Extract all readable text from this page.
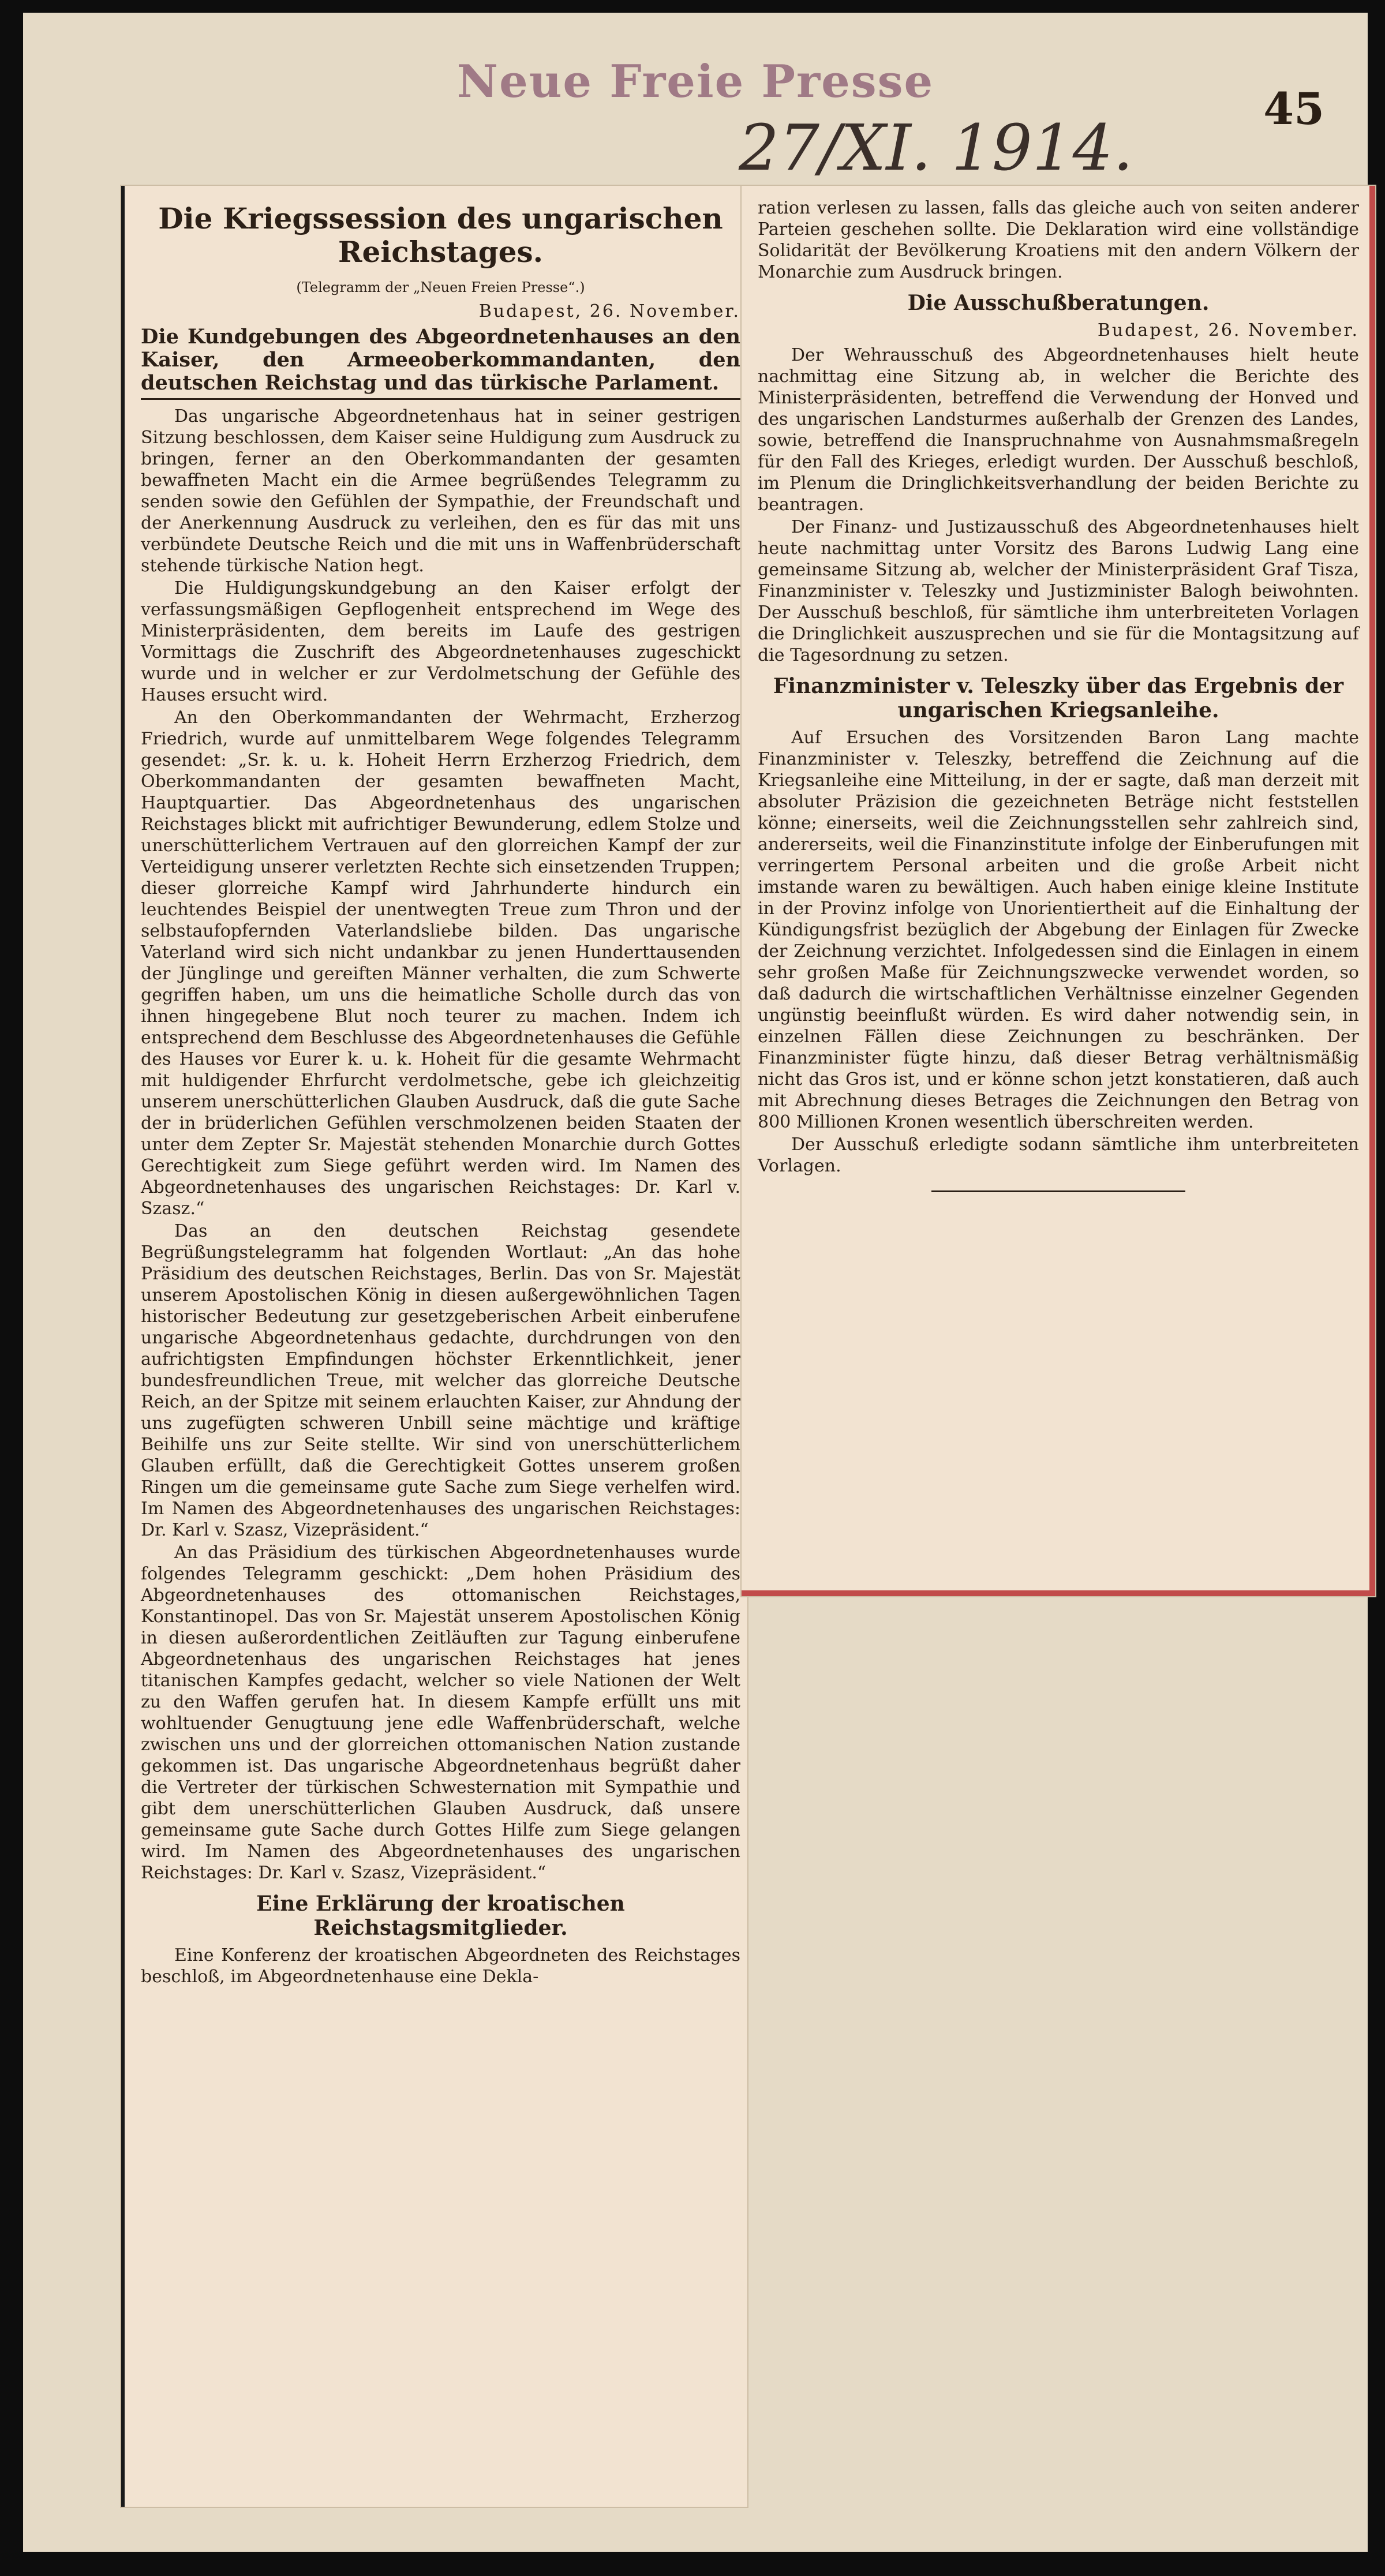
Neue Freie Presse
27/XI. 1914.
45
Die Kriegssession des ungarischen Reichstages.
(Telegramm der „Neuen Freien Presse“.)
Budapest, 26. November.
Die Kundgebungen des Abgeordnetenhauses an den Kaiser, den Armeeoberkommandanten, den deutschen Reichstag und das türkische Parlament.

Das ungarische Abgeordnetenhaus hat in seiner gestrigen Sitzung beschlossen, dem Kaiser seine Huldigung zum Ausdruck zu bringen, ferner an den Oberkommandanten der gesamten bewaffneten Macht ein die Armee begrüßendes Telegramm zu senden sowie den Gefühlen der Sympathie, der Freundschaft und der Anerkennung Ausdruck zu verleihen, den es für das mit uns verbündete Deutsche Reich und die mit uns in Waffenbrüderschaft stehende türkische Nation hegt.

Die Huldigungskundgebung an den Kaiser erfolgt der verfassungsmäßigen Gepflogenheit entsprechend im Wege des Ministerpräsidenten, dem bereits im Laufe des gestrigen Vormittags die Zuschrift des Abgeordnetenhauses zugeschickt wurde und in welcher er zur Verdolmetschung der Gefühle des Hauses ersucht wird.

An den Oberkommandanten der Wehrmacht, Erzherzog Friedrich, wurde auf unmittelbarem Wege folgendes Telegramm gesendet: „Sr. k. u. k. Hoheit Herrn Erzherzog Friedrich, dem Oberkommandanten der gesamten bewaffneten Macht, Hauptquartier. Das Abgeordnetenhaus des ungarischen Reichstages blickt mit aufrichtiger Bewunderung, edlem Stolze und unerschütterlichem Vertrauen auf den glorreichen Kampf der zur Verteidigung unserer verletzten Rechte sich einsetzenden Truppen; dieser glorreiche Kampf wird Jahrhunderte hindurch ein leuchtendes Beispiel der unentwegten Treue zum Thron und der selbstaufopfernden Vaterlandsliebe bilden. Das ungarische Vaterland wird sich nicht undankbar zu jenen Hunderttausenden der Jünglinge und gereiften Männer verhalten, die zum Schwerte gegriffen haben, um uns die heimatliche Scholle durch das von ihnen hingegebene Blut noch teurer zu machen. Indem ich entsprechend dem Beschlusse des Abgeordnetenhauses die Gefühle des Hauses vor Eurer k. u. k. Hoheit für die gesamte Wehrmacht mit huldigender Ehrfurcht verdolmetsche, gebe ich gleichzeitig unserem unerschütterlichen Glauben Ausdruck, daß die gute Sache der in brüderlichen Gefühlen verschmolzenen beiden Staaten der unter dem Zepter Sr. Majestät stehenden Monarchie durch Gottes Gerechtigkeit zum Siege geführt werden wird. Im Namen des Abgeordnetenhauses des ungarischen Reichstages: Dr. Karl v. Szasz.“

Das an den deutschen Reichstag gesendete Begrüßungstelegramm hat folgenden Wortlaut: „An das hohe Präsidium des deutschen Reichstages, Berlin. Das von Sr. Majestät unserem Apostolischen König in diesen außergewöhnlichen Tagen historischer Bedeutung zur gesetzgeberischen Arbeit einberufene ungarische Abgeordnetenhaus gedachte, durchdrungen von den aufrichtigsten Empfindungen höchster Erkenntlichkeit, jener bundesfreundlichen Treue, mit welcher das glorreiche Deutsche Reich, an der Spitze mit seinem erlauchten Kaiser, zur Ahndung der uns zugefügten schweren Unbill seine mächtige und kräftige Beihilfe uns zur Seite stellte. Wir sind von unerschütterlichem Glauben erfüllt, daß die Gerechtigkeit Gottes unserem großen Ringen um die gemeinsame gute Sache zum Siege verhelfen wird. Im Namen des Abgeordnetenhauses des ungarischen Reichstages: Dr. Karl v. Szasz, Vizepräsident.“

An das Präsidium des türkischen Abgeordnetenhauses wurde folgendes Telegramm geschickt: „Dem hohen Präsidium des Abgeordnetenhauses des ottomanischen Reichstages, Konstantinopel. Das von Sr. Majestät unserem Apostolischen König in diesen außerordentlichen Zeitläuften zur Tagung einberufene Abgeordnetenhaus des ungarischen Reichstages hat jenes titanischen Kampfes gedacht, welcher so viele Nationen der Welt zu den Waffen gerufen hat. In diesem Kampfe erfüllt uns mit wohltuender Genugtuung jene edle Waffenbrüderschaft, welche zwischen uns und der glorreichen ottomanischen Nation zustande gekommen ist. Das ungarische Abgeordnetenhaus begrüßt daher die Vertreter der türkischen Schwesternation mit Sympathie und gibt dem unerschütterlichen Glauben Ausdruck, daß unsere gemeinsame gute Sache durch Gottes Hilfe zum Siege gelangen wird. Im Namen des Abgeordnetenhauses des ungarischen Reichstages: Dr. Karl v. Szasz, Vizepräsident.“

Eine Erklärung der kroatischen Reichstagsmitglieder.

Eine Konferenz der kroatischen Abgeordneten des Reichstages beschloß, im Abgeordnetenhause eine Dekla-

ration verlesen zu lassen, falls das gleiche auch von seiten anderer Parteien geschehen sollte. Die Deklaration wird eine vollständige Solidarität der Bevölkerung Kroatiens mit den andern Völkern der Monarchie zum Ausdruck bringen.

Die Ausschußberatungen.
Budapest, 26. November.

Der Wehrausschuß des Abgeordnetenhauses hielt heute nachmittag eine Sitzung ab, in welcher die Berichte des Ministerpräsidenten, betreffend die Verwendung der Honved und des ungarischen Landsturmes außerhalb der Grenzen des Landes, sowie, betreffend die Inanspruchnahme von Ausnahmsmaßregeln für den Fall des Krieges, erledigt wurden. Der Ausschuß beschloß, im Plenum die Dringlichkeitsverhandlung der beiden Berichte zu beantragen.

Der Finanz- und Justizausschuß des Abgeordnetenhauses hielt heute nachmittag unter Vorsitz des Barons Ludwig Lang eine gemeinsame Sitzung ab, welcher der Ministerpräsident Graf Tisza, Finanzminister v. Teleszky und Justizminister Balogh beiwohnten. Der Ausschuß beschloß, für sämtliche ihm unterbreiteten Vorlagen die Dringlichkeit auszusprechen und sie für die Montagsitzung auf die Tagesordnung zu setzen.

Finanzminister v. Teleszky über das Ergebnis der ungarischen Kriegsanleihe.

Auf Ersuchen des Vorsitzenden Baron Lang machte Finanzminister v. Teleszky, betreffend die Zeichnung auf die Kriegsanleihe eine Mitteilung, in der er sagte, daß man derzeit mit absoluter Präzision die gezeichneten Beträge nicht feststellen könne; einerseits, weil die Zeichnungsstellen sehr zahlreich sind, andererseits, weil die Finanzinstitute infolge der Einberufungen mit verringertem Personal arbeiten und die große Arbeit nicht imstande waren zu bewältigen. Auch haben einige kleine Institute in der Provinz infolge von Unorientiertheit auf die Einhaltung der Kündigungsfrist bezüglich der Abgebung der Einlagen für Zwecke der Zeichnung verzichtet. Infolgedessen sind die Einlagen in einem sehr großen Maße für Zeichnungszwecke verwendet worden, so daß dadurch die wirtschaftlichen Verhältnisse einzelner Gegenden ungünstig beeinflußt würden. Es wird daher notwendig sein, in einzelnen Fällen diese Zeichnungen zu beschränken. Der Finanzminister fügte hinzu, daß dieser Betrag verhältnismäßig nicht das Gros ist, und er könne schon jetzt konstatieren, daß auch mit Abrechnung dieses Betrages die Zeichnungen den Betrag von 800 Millionen Kronen wesentlich überschreiten werden.

Der Ausschuß erledigte sodann sämtliche ihm unterbreiteten Vorlagen.
